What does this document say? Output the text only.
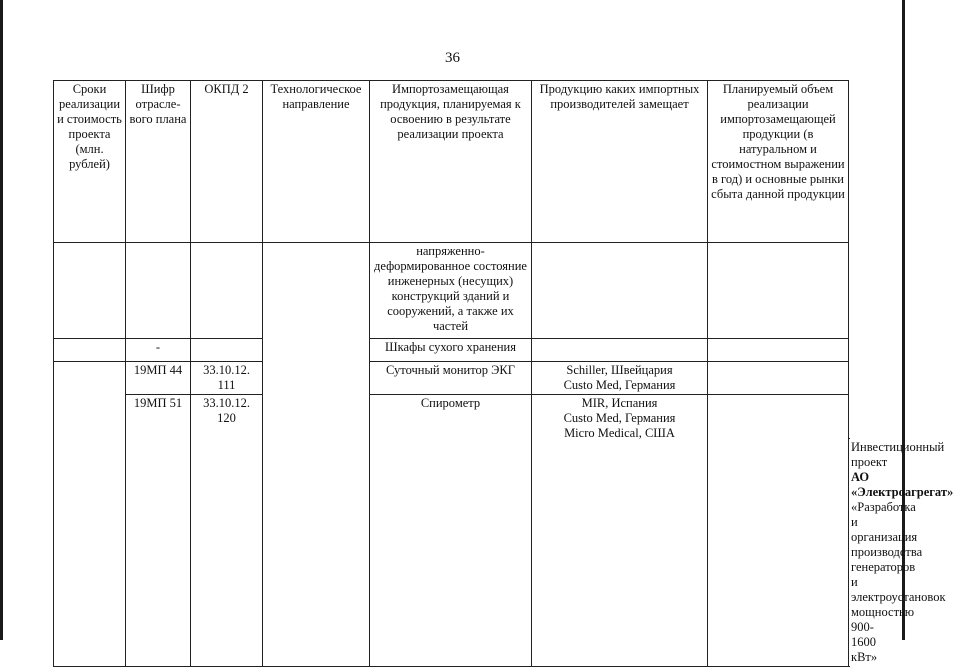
36
Сроки реализации и стоимость проекта (млн. рублей)	Шифр отрасле-вого плана	ОКПД 2	Технологическое направление	Импортозамещающая продукция, планируемая к освоению в результате реализации проекта	Продукцию каких импортных производителей замещает	Планируемый объем реализации импортозамещающей продукции (в натуральном и стоимостном выражении в год) и основные рынки сбыта данной продукции	
				напряженно-деформированное состояние инженерных (несущих) конструкций зданий и сооружений, а также их частей			
	-			Шкафы сухого хранения			
	19МП 44	33.10.12. 111		Суточный монитор ЭКГ	Schiller, Швейцария
Custo Med, Германия		

	19МП 51	33.10.12. 120		Спирометр	MIR, Испания
Custo Med, Германия
Micro Medical, США		

							Инвестиционный проект АО «Электроагрегат» «Разработка и организация производства генераторов и электроустановок мощностью 900-1600 кВт»
